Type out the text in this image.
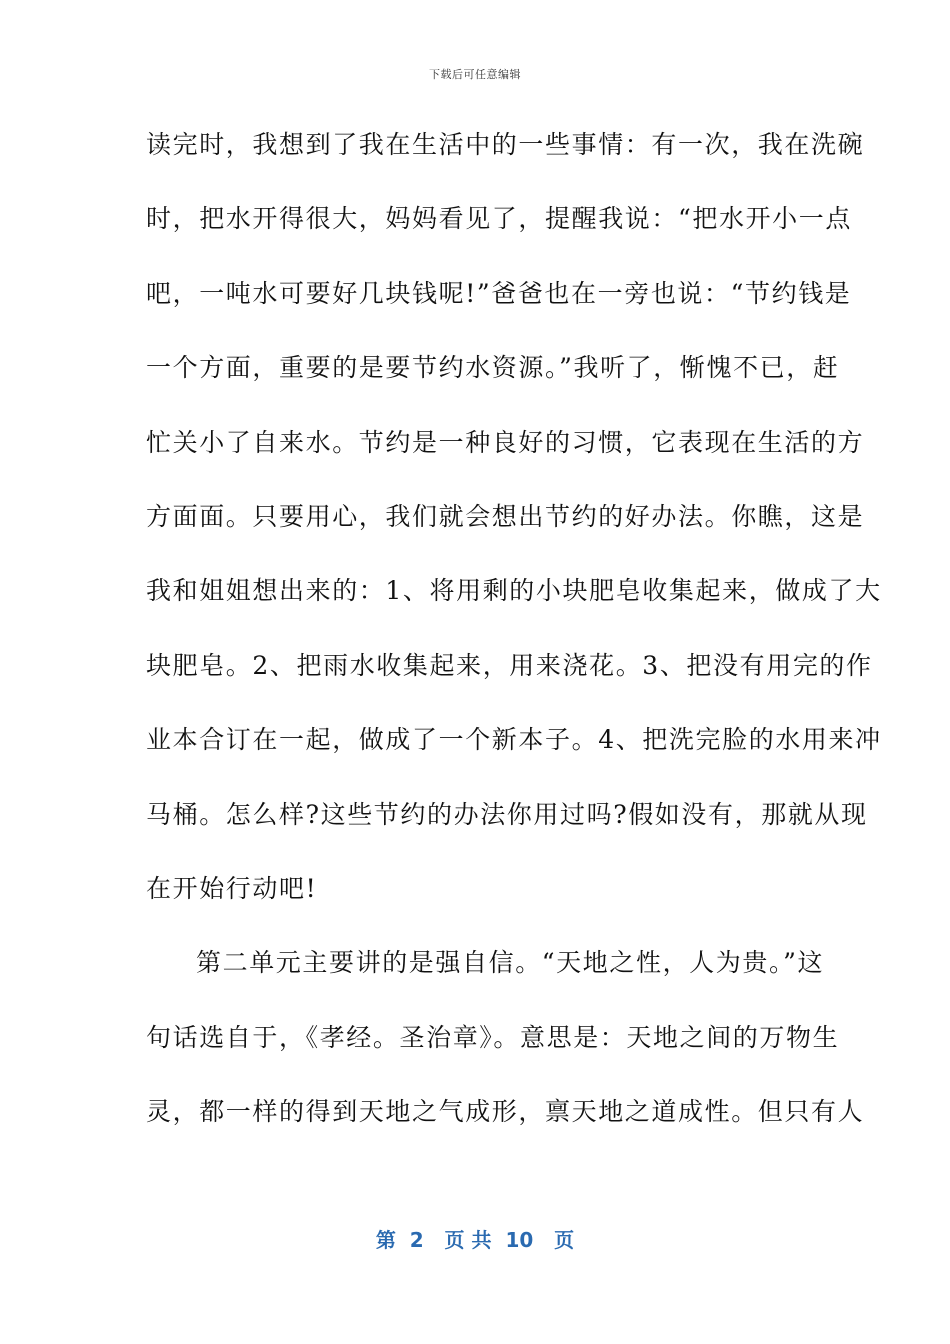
下载后可任意编辑
读完时，我想到了我在生活中的一些事情：有一次，我在洗碗
时，把水开得很大，妈妈看见了，提醒我说：“把水开小一点
吧，一吨水可要好几块钱呢!”爸爸也在一旁也说：“节约钱是
一个方面，重要的是要节约水资源。”我听了，惭愧不已，赶
忙关小了自来水。节约是一种良好的习惯，它表现在生活的方
方面面。只要用心，我们就会想出节约的好办法。你瞧，这是
我和姐姐想出来的：1、将用剩的小块肥皂收集起来，做成了大
块肥皂。2、把雨水收集起来，用来浇花。3、把没有用完的作
业本合订在一起，做成了一个新本子。4、把洗完脸的水用来冲
马桶。怎么样?这些节约的办法你用过吗?假如没有，那就从现
在开始行动吧!
第二单元主要讲的是强自信。“天地之性，人为贵。”这
句话选自于，《孝经。圣治章》。意思是：天地之间的万物生
灵，都一样的得到天地之气成形，禀天地之道成性。但只有人
第  2   页 共  10   页
